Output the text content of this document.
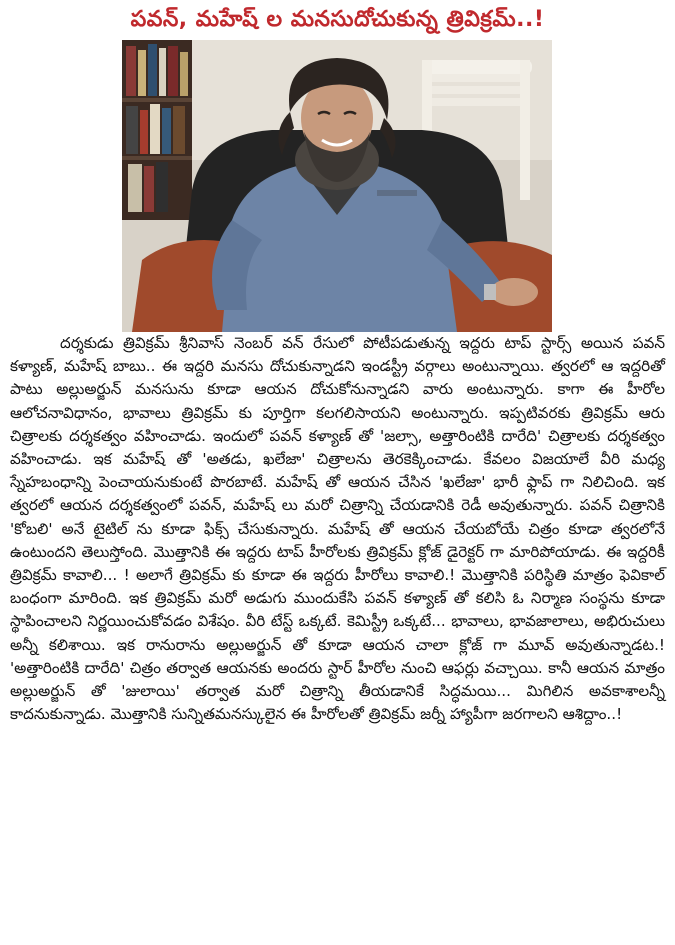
పవన్, మహేష్ ల మనసుదోచుకున్న త్రివిక్రమ్..!

దర్శకుడు త్రివిక్రమ్ శ్రీనివాస్ నెంబర్ వన్ రేసులో పోటీపడుతున్న ఇద్దరు టాప్ స్టార్స్ అయిన పవన్ కళ్యాణ్, మహేష్ బాబు.. ఈ ఇద్దరి మనసు దోచుకున్నాడని ఇండస్ట్రీ వర్గాలు అంటున్నాయి. త్వరలో ఆ ఇద్దరితో పాటు అల్లుఅర్జున్ మనసును కూడా ఆయన దోచుకోనున్నాడని వారు అంటున్నారు. కాగా ఈ హీరోల ఆలోచనావిధానం, భావాలు త్రివిక్రమ్ కు పూర్తిగా కలగలిసాయని అంటున్నారు. ఇప్పటివరకు త్రివిక్రమ్ ఆరు చిత్రాలకు దర్శకత్వం వహించాడు. ఇందులో పవన్ కళ్యాణ్ తో 'జల్సా, అత్తారింటికి దారేది' చిత్రాలకు దర్శకత్వం వహించాడు. ఇక మహేష్ తో 'అతడు, ఖలేజా' చిత్రాలను తెరకెక్కించాడు. కేవలం విజయాలే వీరి మధ్య స్నేహబంధాన్ని పెంచాయనుకుంటే పొరబాటే. మహేష్ తో ఆయన చేసిన 'ఖలేజా' భారీ ఫ్లాప్ గా నిలిచింది. ఇక త్వరలో ఆయన దర్శకత్వంలో పవన్, మహేష్ లు మరో చిత్రాన్ని చేయడానికి రెడీ అవుతున్నారు. పవన్ చిత్రానికి 'కోబలి' అనే టైటిల్ ను కూడా ఫిక్స్ చేసుకున్నారు. మహేష్ తో ఆయన చేయబోయే చిత్రం కూడా త్వరలోనే ఉంటుందని తెలుస్తోంది. మొత్తానికి ఈ ఇద్దరు టాప్ హీరోలకు త్రివిక్రమ్ క్లోజ్ డైరెక్టర్ గా మారిపోయాడు. ఈ ఇద్దరికీ త్రివిక్రమ్ కావాలి... ! అలాగే త్రివిక్రమ్ కు కూడా ఈ ఇద్దరు హీరోలు కావాలి.! మొత్తానికి పరిస్థితి మాత్రం ఫెవికాల్ బంధంగా మారింది. ఇక త్రివిక్రమ్ మరో అడుగు ముందుకేసి పవన్ కళ్యాణ్ తో కలిసి ఓ నిర్మాణ సంస్థను కూడా స్థాపించాలని నిర్ణయించుకోవడం విశేషం. వీరి టేస్ట్ ఒక్కటే. కెమిస్ట్రీ ఒక్కటే... భావాలు, భావజాలాలు, అభిరుచులు అన్నీ కలిశాయి. ఇక రానురాను అల్లుఅర్జున్ తో కూడా ఆయన చాలా క్లోజ్ గా మూవ్ అవుతున్నాడట.! 'అత్తారింటికి దారేది' చిత్రం తర్వాత ఆయనకు అందరు స్టార్ హీరోల నుంచి ఆఫర్లు వచ్చాయి. కానీ ఆయన మాత్రం అల్లుఅర్జున్ తో 'జులాయి' తర్వాత మరో చిత్రాన్ని తీయడానికే సిద్ధమయి... మిగిలిన అవకాశాలన్నీ కాదనుకున్నాడు. మొత్తానికి సున్నితమనస్కులైన ఈ హీరోలతో త్రివిక్రమ్ జర్నీ హ్యాపీగా జరగాలని ఆశిద్దాం..!
